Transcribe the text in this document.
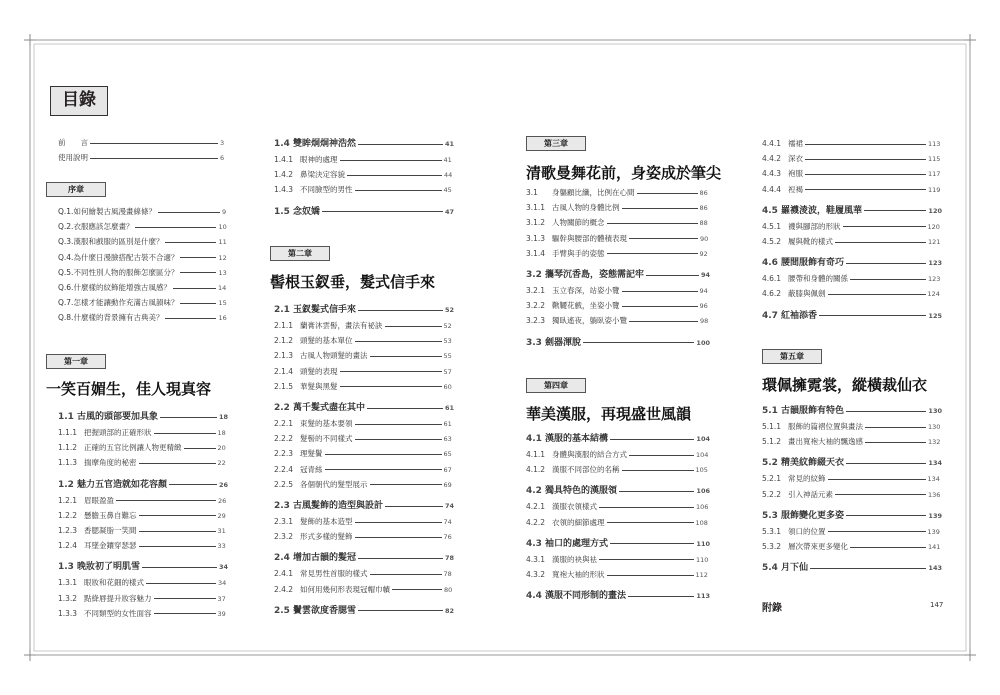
目錄
前　　言	3
使用說明	6
Q.1.如何繪製古風漫畫線條？	9
Q.2.衣服應該怎麼畫？	10
Q.3.漢服和戲服的區別是什麼？	11
Q.4.為什麼日漫臉搭配古裝不合適？	12
Q.5.不同性別人物的服飾怎麼區分？	13
Q.6.什麼樣的紋飾能增強古風感？	14
Q.7.怎樣才能讓動作充滿古風韻味？	15
Q.8.什麼樣的背景擁有古典美？	16
1.1 古風的頭部要加具象	18
1.1.1 把握頭部的正確形狀	18
1.1.2 正確的五官比例讓人物更精緻	20
1.1.3 揣摩角度的秘密	22
1.2 魅力五官造就如花容顏	26
1.2.1 眉眼盈盈	26
1.2.2 懸膽玉鼻自難忘	29
1.2.3 香腮凝脂一笑間	31
1.2.4 耳墜金鑲穿瑟瑟	33
1.3 晚妝初了明肌雪	34
1.3.1 眼妝和花鈿的樣式	34
1.3.2 點絳唇提升妝容魅力	37
1.3.3 不同類型的女性面容	39
1.4 雙眸炯炯神浩然	41
1.4.1 眼神的處理	41
1.4.2 鼻梁決定容貌	44
1.4.3 不同臉型的男性	45
1.5 念奴嬌	47
2.1 玉釵髮式信手來	52
2.1.1 蘭膏沐雲髻，畫法有祕訣	52
2.1.2 頭髮的基本單位	53
2.1.3 古風人物頭髮的畫法	55
2.1.4 頭髮的表現	57
2.1.5 華髮與黑髮	60
2.2 萬千髮式盡在其中	61
2.2.1 束髮的基本要領	61
2.2.2 髮髻的不同樣式	63
2.2.3 理髮鬢	65
2.2.4 冠青絲	67
2.2.5 各個朝代的髮型展示	69
2.3 古風髮飾的造型與設計	74
2.3.1 髮飾的基本造型	74
2.3.2 形式多樣的髮飾	76
2.4 增加古韻的髮冠	78
2.4.1 常見男性首服的樣式	78
2.4.2 如何用幾何形表現冠帽巾幘	80
2.5 鬢雲欲度香腮雪	82
3.1	身軀顧比纖，比例在心間	86
3.1.1 古風人物的身體比例	86
3.1.2 人物關節的概念	88
3.1.3 驅幹與腰部的體積表現	90
3.1.4 手臂與手的姿態	92
3.2 攜琴沉香島，姿態需記牢	94
3.2.1 玉立春深，站姿小覽	94
3.2.2 鞦韆花戲，坐姿小覽	96
3.2.3 獨臥遙夜，躺臥姿小覽	98
3.3 劍器渾脫	100
4.1 漢服的基本結構	104
4.1.1 身體與漢服的結合方式	104
4.1.2 漢服不同部位的名稱	105
4.2 獨具特色的漢服領	106
4.2.1 漢服衣領樣式	106
4.2.2 衣領的細節處理	108
4.3 袖口的處理方式	110
4.3.1 漢服的袂與袪	110
4.3.2 寬袍大袖的形狀	112
4.4 漢服不同形制的畫法	113
4.4.1 襦裙	113
4.4.2 深衣	115
4.4.3 袍服	117
4.4.4 裋褐	119
4.5 羅襪淩波，鞋履風華	120
4.5.1 襪與腳部的形狀	120
4.5.2 履與靴的樣式	121
4.6 腰間服飾有奇巧	123
4.6.1 腰帶和身體的關係	123
4.6.2 蔽膝與佩劍	124
4.7 紅袖添香	125
5.1 古韻服飾有特色	130
5.1.1 服飾的篇褶位置與畫法	130
5.1.2 畫出寬袍大袖的飄逸感	132
5.2 精美紋飾綴天衣	134
5.2.1 常見的紋飾	134
5.2.2 引入神話元素	136
5.3 服飾變化更多姿	139
5.3.1 領口的位置	139
5.3.2 層次帶來更多變化	141
5.4 月下仙	143
序章
第一章
一笑百媚生，佳人現真容
第二章
髻根玉釵垂，髮式信手來
第三章
清歌曼舞花前，身姿成於筆尖
第四章
華美漢服，再現盛世風韻
第五章
環佩擁霓裳，縱橫裁仙衣
附錄	147
